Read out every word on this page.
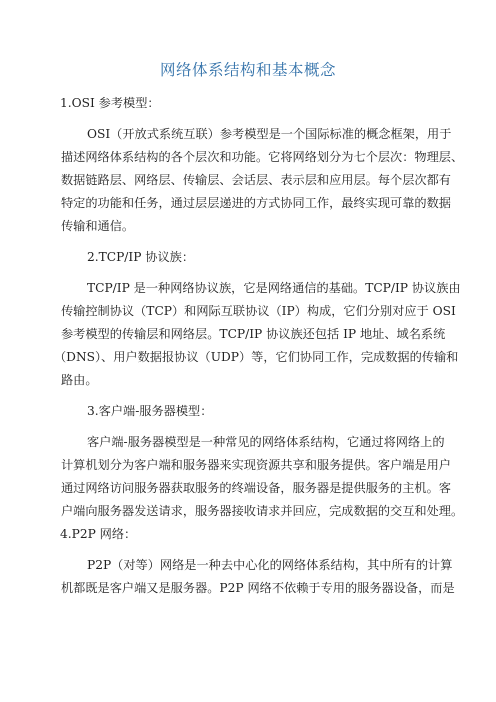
网络体系结构和基本概念
1.OSI 参考模型：
OSI（开放式系统互联）参考模型是一个国际标准的概念框架，用于
描述网络体系结构的各个层次和功能。它将网络划分为七个层次：物理层、
数据链路层、网络层、传输层、会话层、表示层和应用层。每个层次都有
特定的功能和任务，通过层层递进的方式协同工作，最终实现可靠的数据
传输和通信。
2.TCP/IP 协议族：
TCP/IP 是一种网络协议族，它是网络通信的基础。TCP/IP 协议族由
传输控制协议（TCP）和网际互联协议（IP）构成，它们分别对应于 OSI
参考模型的传输层和网络层。TCP/IP 协议族还包括 IP 地址、域名系统
（DNS）、用户数据报协议（UDP）等，它们协同工作，完成数据的传输和
路由。
3.客户端-服务器模型：
客户端-服务器模型是一种常见的网络体系结构，它通过将网络上的
计算机划分为客户端和服务器来实现资源共享和服务提供。客户端是用户
通过网络访问服务器获取服务的终端设备，服务器是提供服务的主机。客
户端向服务器发送请求，服务器接收请求并回应，完成数据的交互和处理。
4.P2P 网络：
P2P（对等）网络是一种去中心化的网络体系结构，其中所有的计算
机都既是客户端又是服务器。P2P 网络不依赖于专用的服务器设备，而是
